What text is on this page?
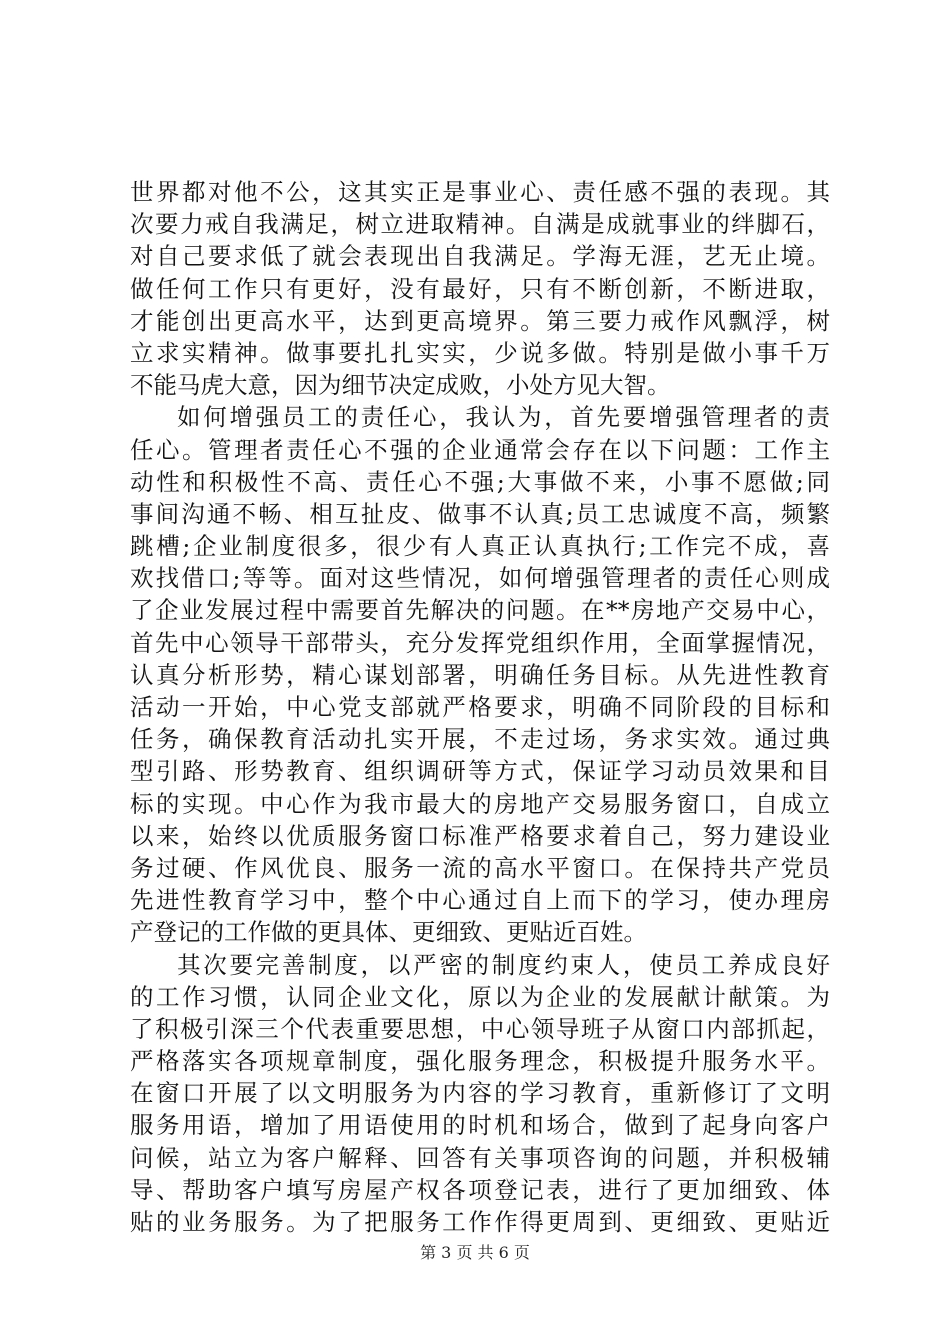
世界都对他不公，这其实正是事业心、责任感不强的表现。其
次要力戒自我满足，树立进取精神。自满是成就事业的绊脚石，
对自己要求低了就会表现出自我满足。学海无涯，艺无止境。
做任何工作只有更好，没有最好，只有不断创新，不断进取，
才能创出更高水平，达到更高境界。第三要力戒作风飘浮，树
立求实精神。做事要扎扎实实，少说多做。特别是做小事千万
不能马虎大意，因为细节决定成败，小处方见大智。
如何增强员工的责任心，我认为，首先要增强管理者的责
任心。管理者责任心不强的企业通常会存在以下问题：工作主
动性和积极性不高、责任心不强;大事做不来，小事不愿做;同
事间沟通不畅、相互扯皮、做事不认真;员工忠诚度不高，频繁
跳槽;企业制度很多，很少有人真正认真执行;工作完不成，喜
欢找借口;等等。面对这些情况，如何增强管理者的责任心则成
了企业发展过程中需要首先解决的问题。在**房地产交易中心，
首先中心领导干部带头，充分发挥党组织作用，全面掌握情况，
认真分析形势，精心谋划部署，明确任务目标。从先进性教育
活动一开始，中心党支部就严格要求，明确不同阶段的目标和
任务，确保教育活动扎实开展，不走过场，务求实效。通过典
型引路、形势教育、组织调研等方式，保证学习动员效果和目
标的实现。中心作为我市最大的房地产交易服务窗口，自成立
以来，始终以优质服务窗口标准严格要求着自己，努力建设业
务过硬、作风优良、服务一流的高水平窗口。在保持共产党员
先进性教育学习中，整个中心通过自上而下的学习，使办理房
产登记的工作做的更具体、更细致、更贴近百姓。
其次要完善制度，以严密的制度约束人，使员工养成良好
的工作习惯，认同企业文化，原以为企业的发展献计献策。为
了积极引深三个代表重要思想，中心领导班子从窗口内部抓起，
严格落实各项规章制度，强化服务理念，积极提升服务水平。
在窗口开展了以文明服务为内容的学习教育，重新修订了文明
服务用语，增加了用语使用的时机和场合，做到了起身向客户
问候，站立为客户解释、回答有关事项咨询的问题，并积极辅
导、帮助客户填写房屋产权各项登记表，进行了更加细致、体
贴的业务服务。为了把服务工作作得更周到、更细致、更贴近
第 3 页 共 6 页
